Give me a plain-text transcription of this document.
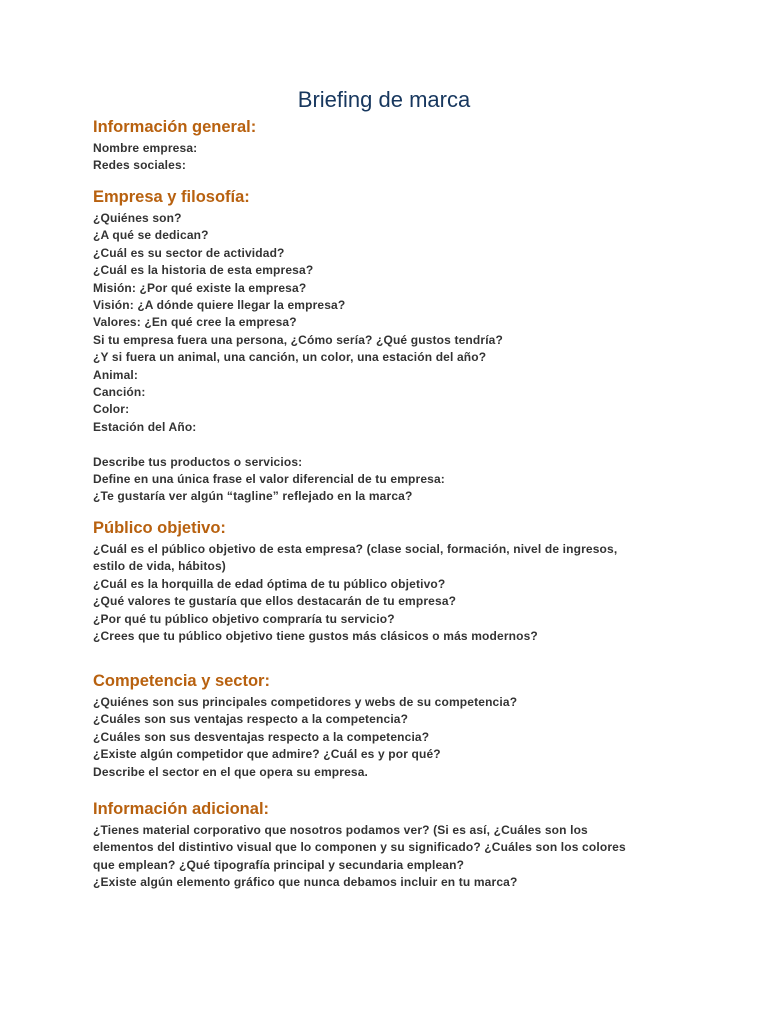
Briefing de marca
Información general:
Nombre empresa:
Redes sociales:
Empresa y filosofía:
¿Quiénes son?
¿A qué se dedican?
¿Cuál es su sector de actividad?
¿Cuál es la historia de esta empresa?
Misión: ¿Por qué existe la empresa?
Visión: ¿A dónde quiere llegar la empresa?
Valores: ¿En qué cree la empresa?
Si tu empresa fuera una persona, ¿Cómo sería? ¿Qué gustos tendría?
¿Y si fuera un animal, una canción, un color, una estación del año?
Animal:
Canción:
Color:
Estación del Año:
Describe tus productos o servicios:
Define en una única frase el valor diferencial de tu empresa:
¿Te gustaría ver algún “tagline” reflejado en la marca?
Público objetivo:
¿Cuál es el público objetivo de esta empresa? (clase social, formación, nivel de ingresos,
estilo de vida, hábitos)
¿Cuál es la horquilla de edad óptima de tu público objetivo?
¿Qué valores te gustaría que ellos destacarán de tu empresa?
¿Por qué tu público objetivo compraría tu servicio?
¿Crees que tu público objetivo tiene gustos más clásicos o más modernos?
Competencia y sector:
¿Quiénes son sus principales competidores y webs de su competencia?
¿Cuáles son sus ventajas respecto a la competencia?
¿Cuáles son sus desventajas respecto a la competencia?
¿Existe algún competidor que admire? ¿Cuál es y por qué?
Describe el sector en el que opera su empresa.
Información adicional:
¿Tienes material corporativo que nosotros podamos ver? (Si es así, ¿Cuáles son los
elementos del distintivo visual que lo componen y su significado? ¿Cuáles son los colores
que emplean? ¿Qué tipografía principal y secundaria emplean?
¿Existe algún elemento gráfico que nunca debamos incluir en tu marca?
